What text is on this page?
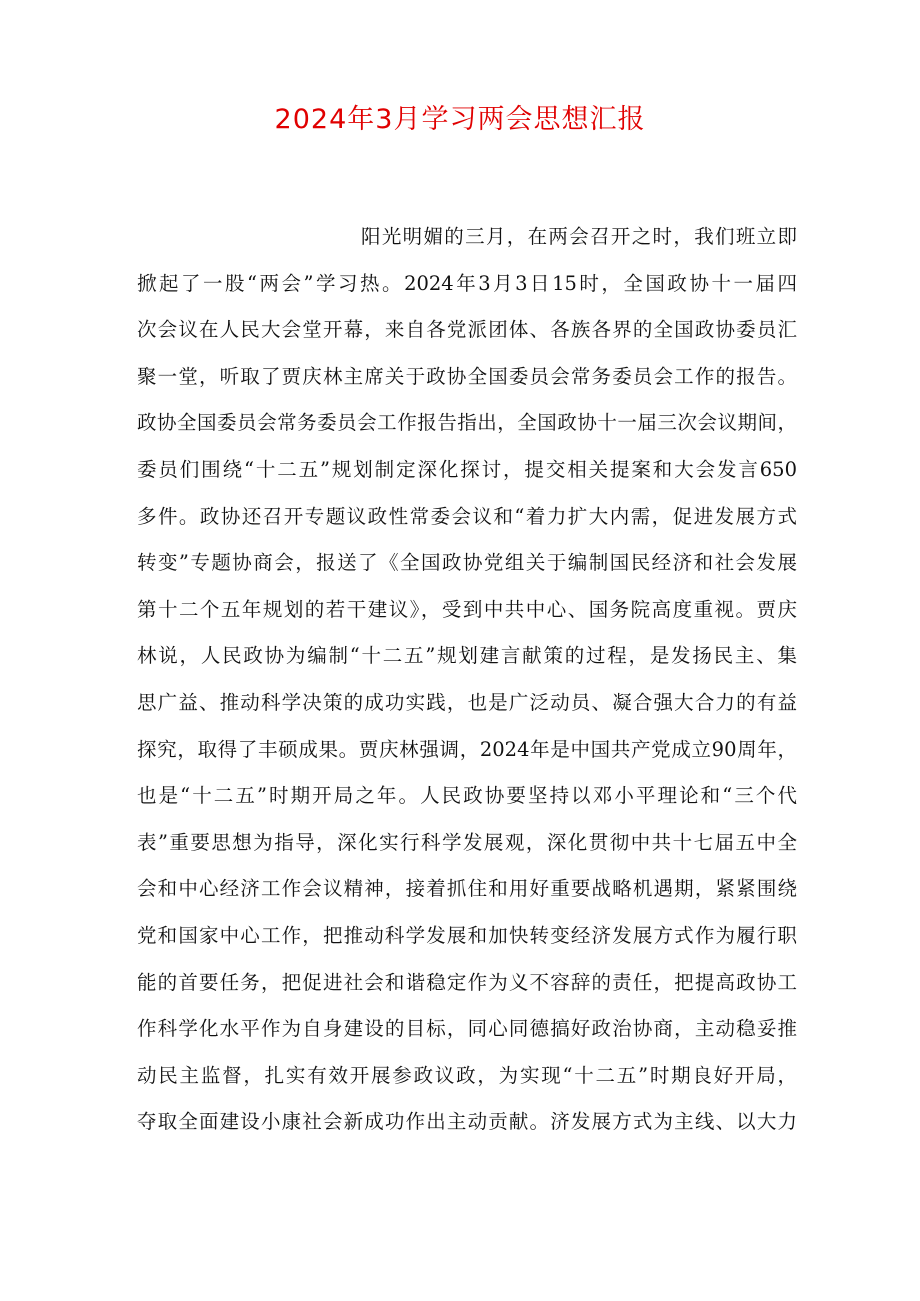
2024年3月学习两会思想汇报
阳光明媚的三月，在两会召开之时，我们班立即
掀起了一股“两会”学习热。2024年3月3日15时，全国政协十一届四
次会议在人民大会堂开幕，来自各党派团体、各族各界的全国政协委员汇
聚一堂，听取了贾庆林主席关于政协全国委员会常务委员会工作的报告。
政协全国委员会常务委员会工作报告指出，全国政协十一届三次会议期间，
委员们围绕“十二五”规划制定深化探讨，提交相关提案和大会发言650
多件。政协还召开专题议政性常委会议和“着力扩大内需，促进发展方式
转变”专题协商会，报送了《全国政协党组关于编制国民经济和社会发展
第十二个五年规划的若干建议》，受到中共中心、国务院高度重视。贾庆
林说，人民政协为编制“十二五”规划建言献策的过程，是发扬民主、集
思广益、推动科学决策的成功实践，也是广泛动员、凝合强大合力的有益
探究，取得了丰硕成果。贾庆林强调，2024年是中国共产党成立90周年，
也是“十二五”时期开局之年。人民政协要坚持以邓小平理论和“三个代
表”重要思想为指导，深化实行科学发展观，深化贯彻中共十七届五中全
会和中心经济工作会议精神，接着抓住和用好重要战略机遇期，紧紧围绕
党和国家中心工作，把推动科学发展和加快转变经济发展方式作为履行职
能的首要任务，把促进社会和谐稳定作为义不容辞的责任，把提高政协工
作科学化水平作为自身建设的目标，同心同德搞好政治协商，主动稳妥推
动民主监督，扎实有效开展参政议政，为实现“十二五”时期良好开局，
夺取全面建设小康社会新成功作出主动贡献。济发展方式为主线、以大力
